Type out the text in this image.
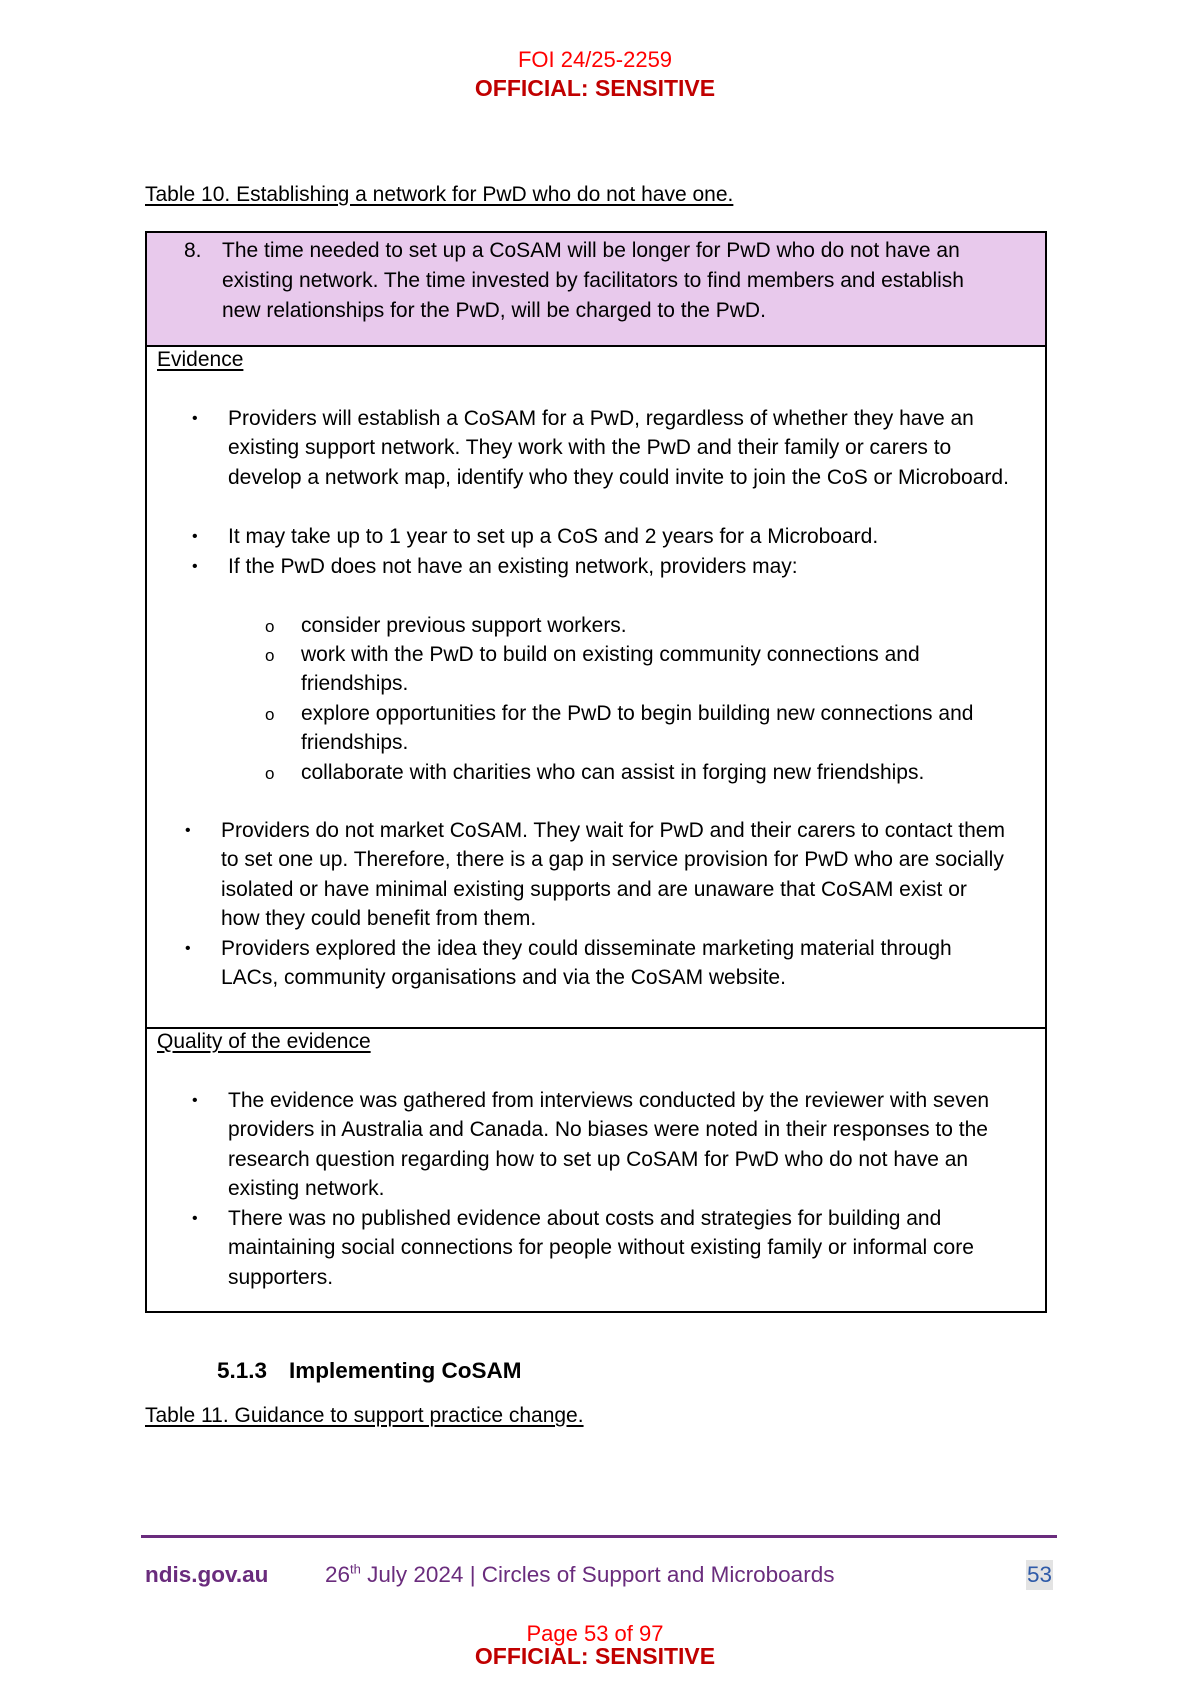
FOI 24/25-2259
OFFICIAL: SENSITIVE
Table 10. Establishing a network for PwD who do not have one.
8. The time needed to set up a CoSAM will be longer for PwD who do not have an
existing network. The time invested by facilitators to find members and establish
new relationships for the PwD, will be charged to the PwD.
Evidence
• Providers will establish a CoSAM for a PwD, regardless of whether they have an existing support network. They work with the PwD and their family or carers to develop a network map, identify who they could invite to join the CoS or Microboard.
• It may take up to 1 year to set up a CoS and 2 years for a Microboard.
• If the PwD does not have an existing network, providers may:
o consider previous support workers.
o work with the PwD to build on existing community connections and friendships.
o explore opportunities for the PwD to begin building new connections and friendships.
o collaborate with charities who can assist in forging new friendships.
• Providers do not market CoSAM. They wait for PwD and their carers to contact them to set one up. Therefore, there is a gap in service provision for PwD who are socially isolated or have minimal existing supports and are unaware that CoSAM exist or how they could benefit from them.
• Providers explored the idea they could disseminate marketing material through LACs, community organisations and via the CoSAM website.
Quality of the evidence
• The evidence was gathered from interviews conducted by the reviewer with seven providers in Australia and Canada. No biases were noted in their responses to the research question regarding how to set up CoSAM for PwD who do not have an existing network.
• There was no published evidence about costs and strategies for building and maintaining social connections for people without existing family or informal core supporters.
5.1.3 Implementing CoSAM
Table 11. Guidance to support practice change.
ndis.gov.au	26th July 2024 | Circles of Support and Microboards	53
Page 53 of 97
OFFICIAL: SENSITIVE
